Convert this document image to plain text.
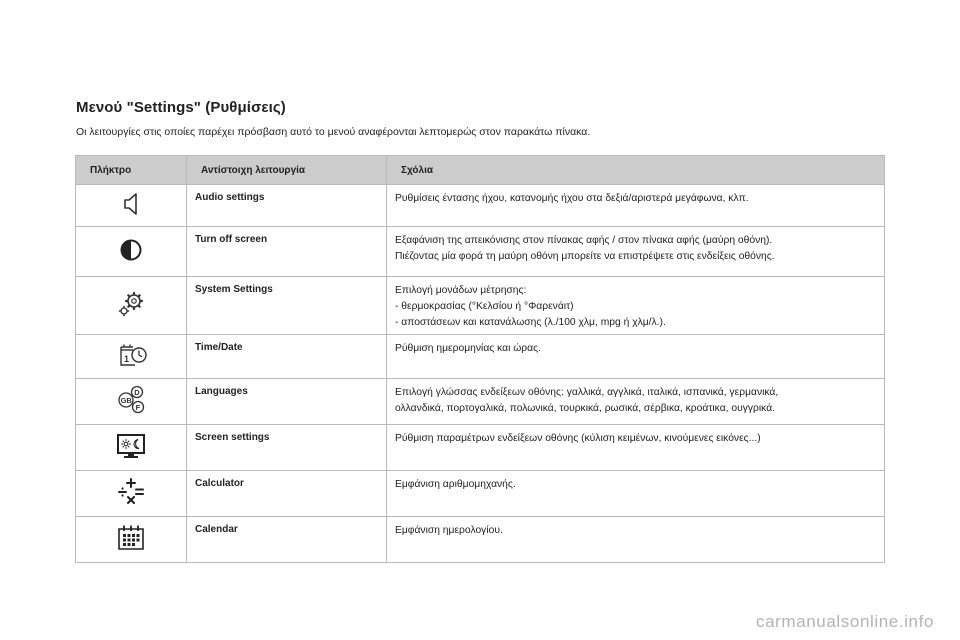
Μενού "Settings" (Ρυθμίσεις)

Οι λειτουργίες στις οποίες παρέχει πρόσβαση αυτό το μενού αναφέρονται λεπτομερώς στον παρακάτω πίνακα.

Πλήκτρο	Αντίστοιχη λειτουργία	Σχόλια

	Audio settings	Ρυθμίσεις έντασης ήχου, κατανομής ήχου στα δεξιά/αριστερά μεγάφωνα, κλπ.

	Turn off screen	Εξαφάνιση της απεικόνισης στον πίνακας αφής / στον πίνακα αφής (μαύρη οθόνη).
Πιέζοντας μία φορά τη μαύρη οθόνη μπορείτε να επιστρέψετε στις ενδείξεις οθόνης.

	System Settings	Επιλογή μονάδων μέτρησης:
- θερμοκρασίας (°Κελσίου ή °Φαρενάιτ)
- αποστάσεων και κατανάλωσης (λ./100 χλμ, mpg ή χλμ/λ.).

1	Time/Date	Ρύθμιση ημερομηνίας και ώρας.

D
F
GB	Languages	Επιλογή γλώσσας ενδείξεων οθόνης: γαλλικά, αγγλικά, ιταλικά, ισπανικά, γερμανικά,
ολλανδικά, πορτογαλικά, πολωνικά, τουρκικά, ρωσικά, σέρβικα, κροάτικα, ουγγρικά.

	Screen settings	Ρύθμιση παραμέτρων ενδείξεων οθόνης (κύλιση κειμένων, κινούμενες εικόνες...)

	Calculator	Εμφάνιση αριθμομηχανής.

	Calendar	Εμφάνιση ημερολογίου.
carmanualsonline.info
